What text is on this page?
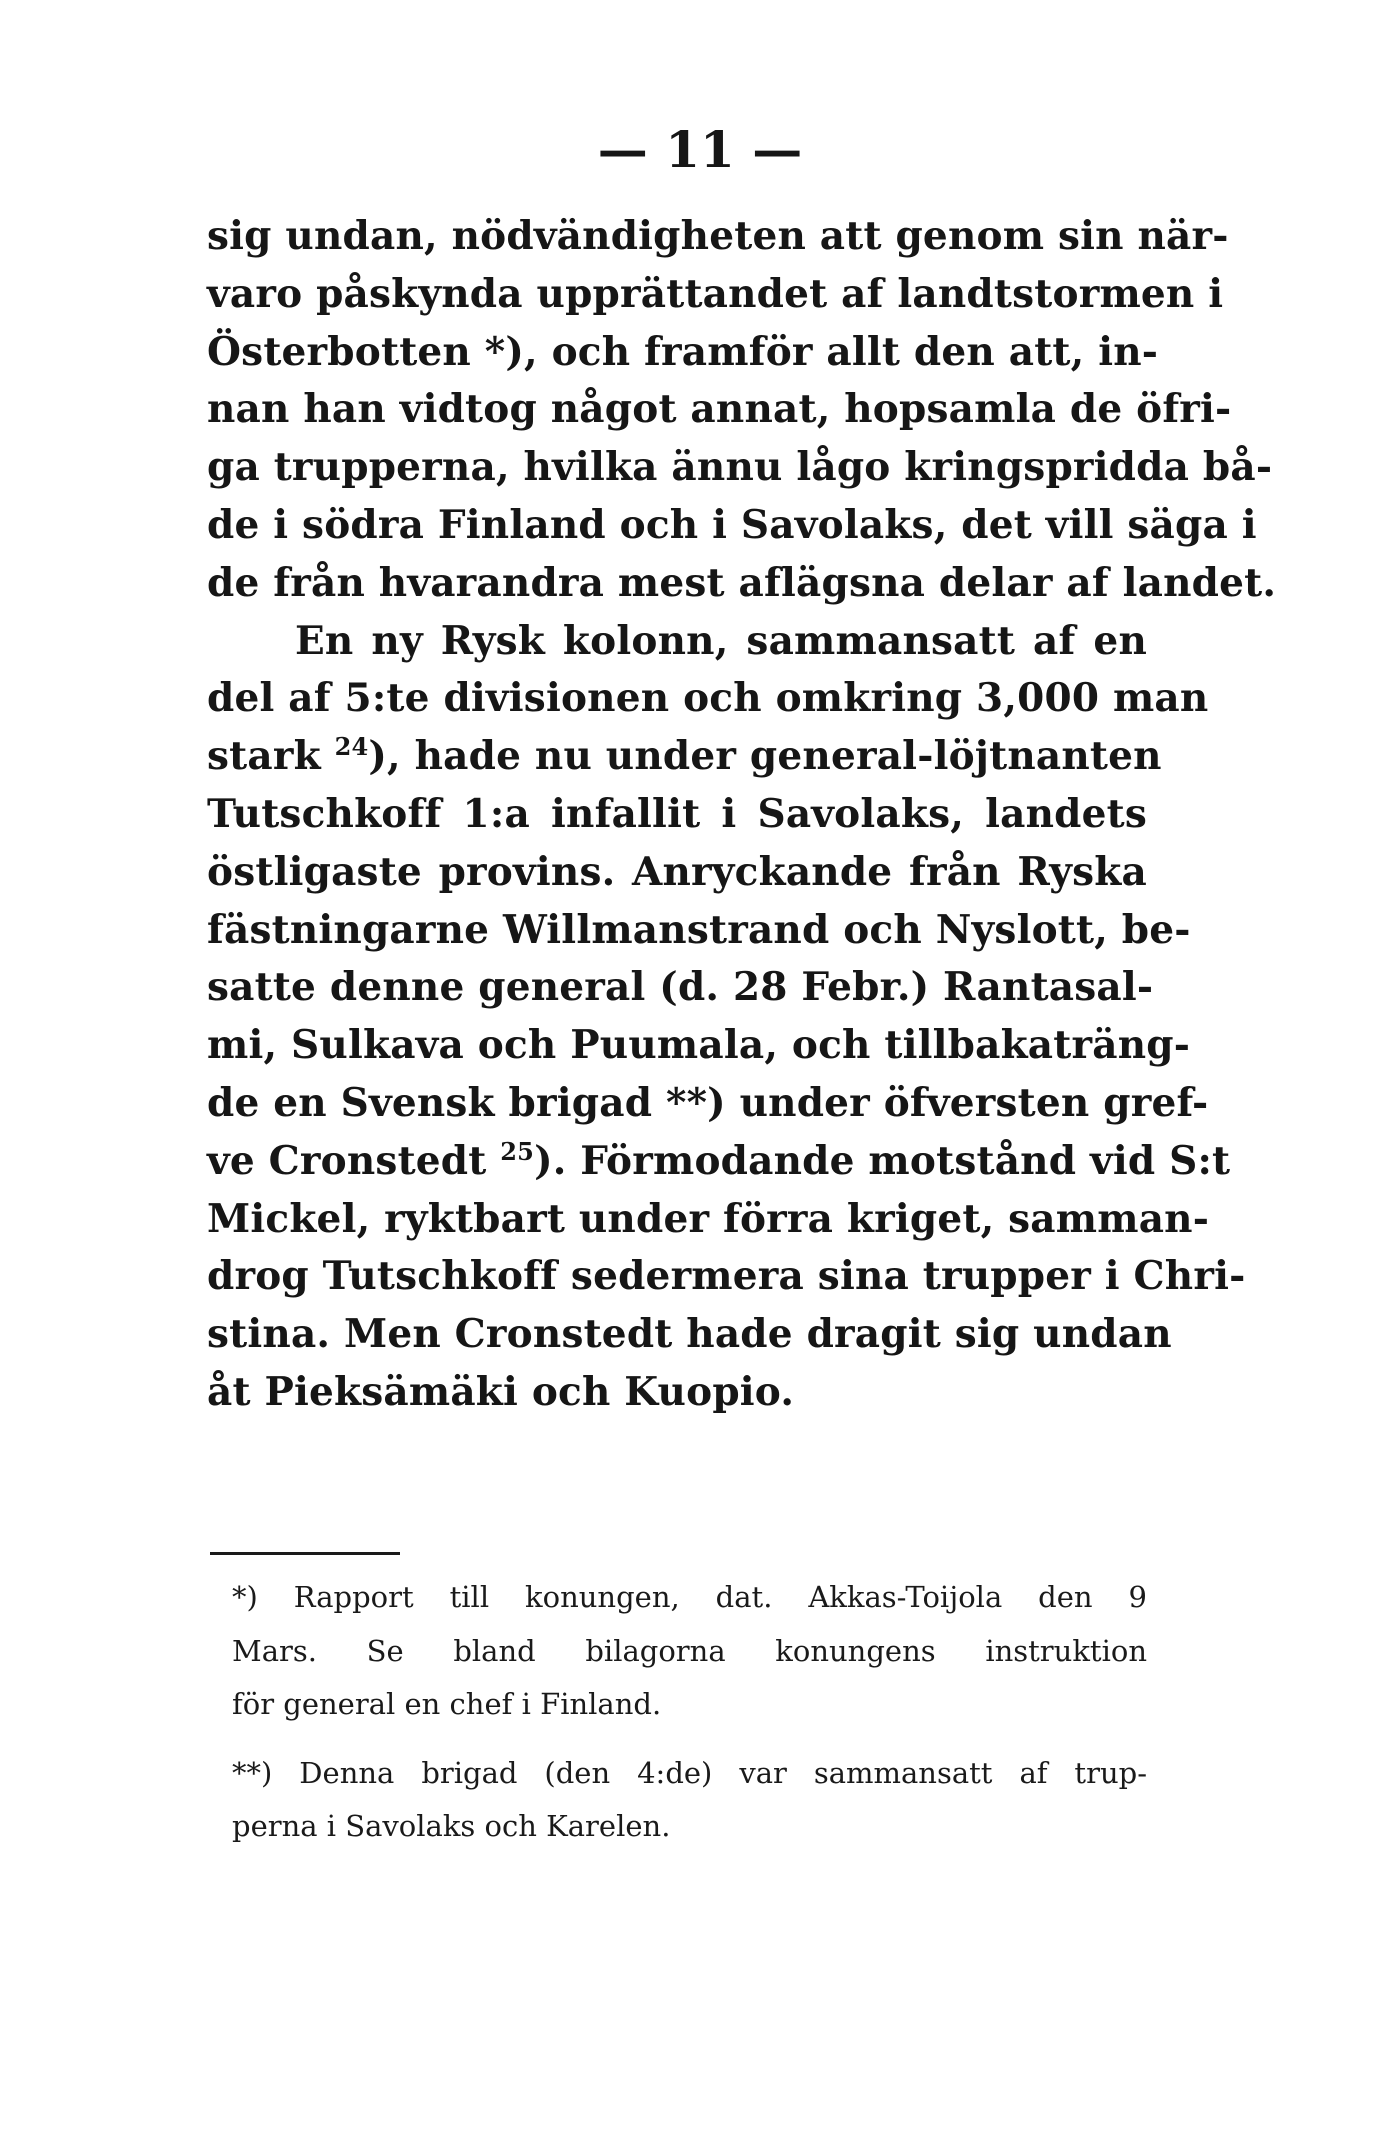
— 11 —
sig undan, nödvändigheten att genom sin när-
varo påskynda upprättandet af landtstormen i
Österbotten *), och framför allt den att, in-
nan han vidtog något annat, hopsamla de öfri-
ga trupperna, hvilka ännu lågo kringspridda bå-
de i södra Finland och i Savolaks, det vill säga i
de från hvarandra mest aflägsna delar af landet.
En ny Rysk kolonn, sammansatt af en
del af 5:te divisionen och omkring 3,000 man
stark $^{24}$), hade nu under general-löjtnanten
Tutschkoff 1:a infallit i Savolaks, landets
östligaste provins. Anryckande från Ryska
fästningarne Willmanstrand och Nyslott, be-
satte denne general (d. 28 Febr.) Rantasal-
mi, Sulkava och Puumala, och tillbakaträng-
de en Svensk brigad **) under öfversten gref-
ve Cronstedt $^{25}$). Förmodande motstånd vid S:t
Mickel, ryktbart under förra kriget, samman-
drog Tutschkoff sedermera sina trupper i Chri-
stina. Men Cronstedt hade dragit sig undan
åt Pieksämäki och Kuopio.
*) Rapport till konungen, dat. Akkas-Toijola den 9
Mars. Se bland bilagorna konungens instruktion
för general en chef i Finland.
**) Denna brigad (den 4:de) var sammansatt af trup-
perna i Savolaks och Karelen.
